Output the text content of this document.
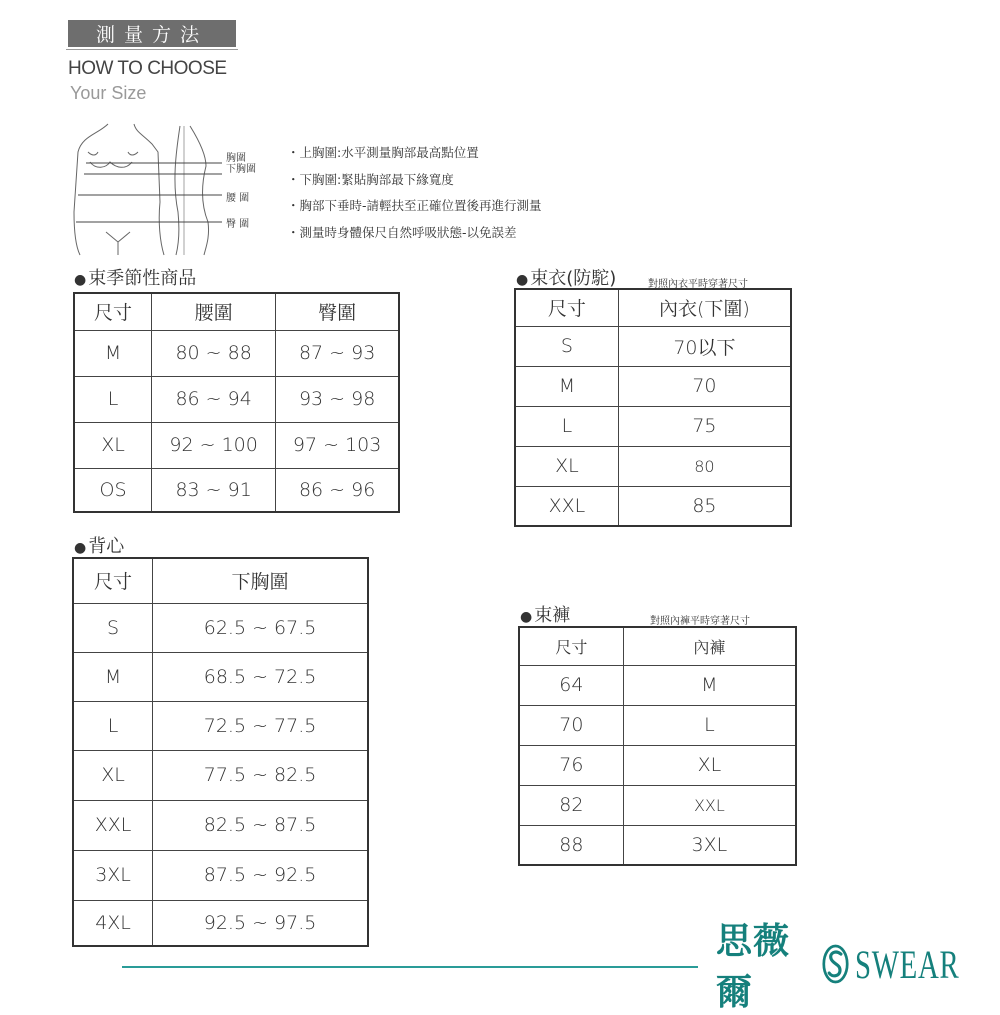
測量方法
HOW TO CHOOSE
Your Size
胸圍
下胸圍
腰 圍
臀 圍
・上胸圍:水平測量胸部最高點位置
・下胸圍:緊貼胸部最下緣寬度
・胸部下垂時-請輕扶至正確位置後再進行測量
・測量時身體保尺自然呼吸狀態-以免誤差
● 束季節性商品
尺寸	腰圍	臀圍
M	80 ~ 88	87 ~ 93
L	86 ~ 94	93 ~ 98
XL	92 ~ 100	97 ~ 103
OS	83 ~ 91	86 ~ 96
● 束衣(防駝)	對照內衣平時穿著尺寸
尺寸	內衣(下圍)
S	70以下
M	70
L	75
XL	80
XXL	85
● 背心
尺寸	下胸圍
S	62.5 ~ 67.5
M	68.5 ~ 72.5
L	72.5 ~ 77.5
XL	77.5 ~ 82.5
XXL	82.5 ~ 87.5
3XL	87.5 ~ 92.5
4XL	92.5 ~ 97.5
● 束褲	對照內褲平時穿著尺寸
尺寸	內褲
64	M
70	L
76	XL
82	XXL
88	3XL
思薇爾
SWEAR
